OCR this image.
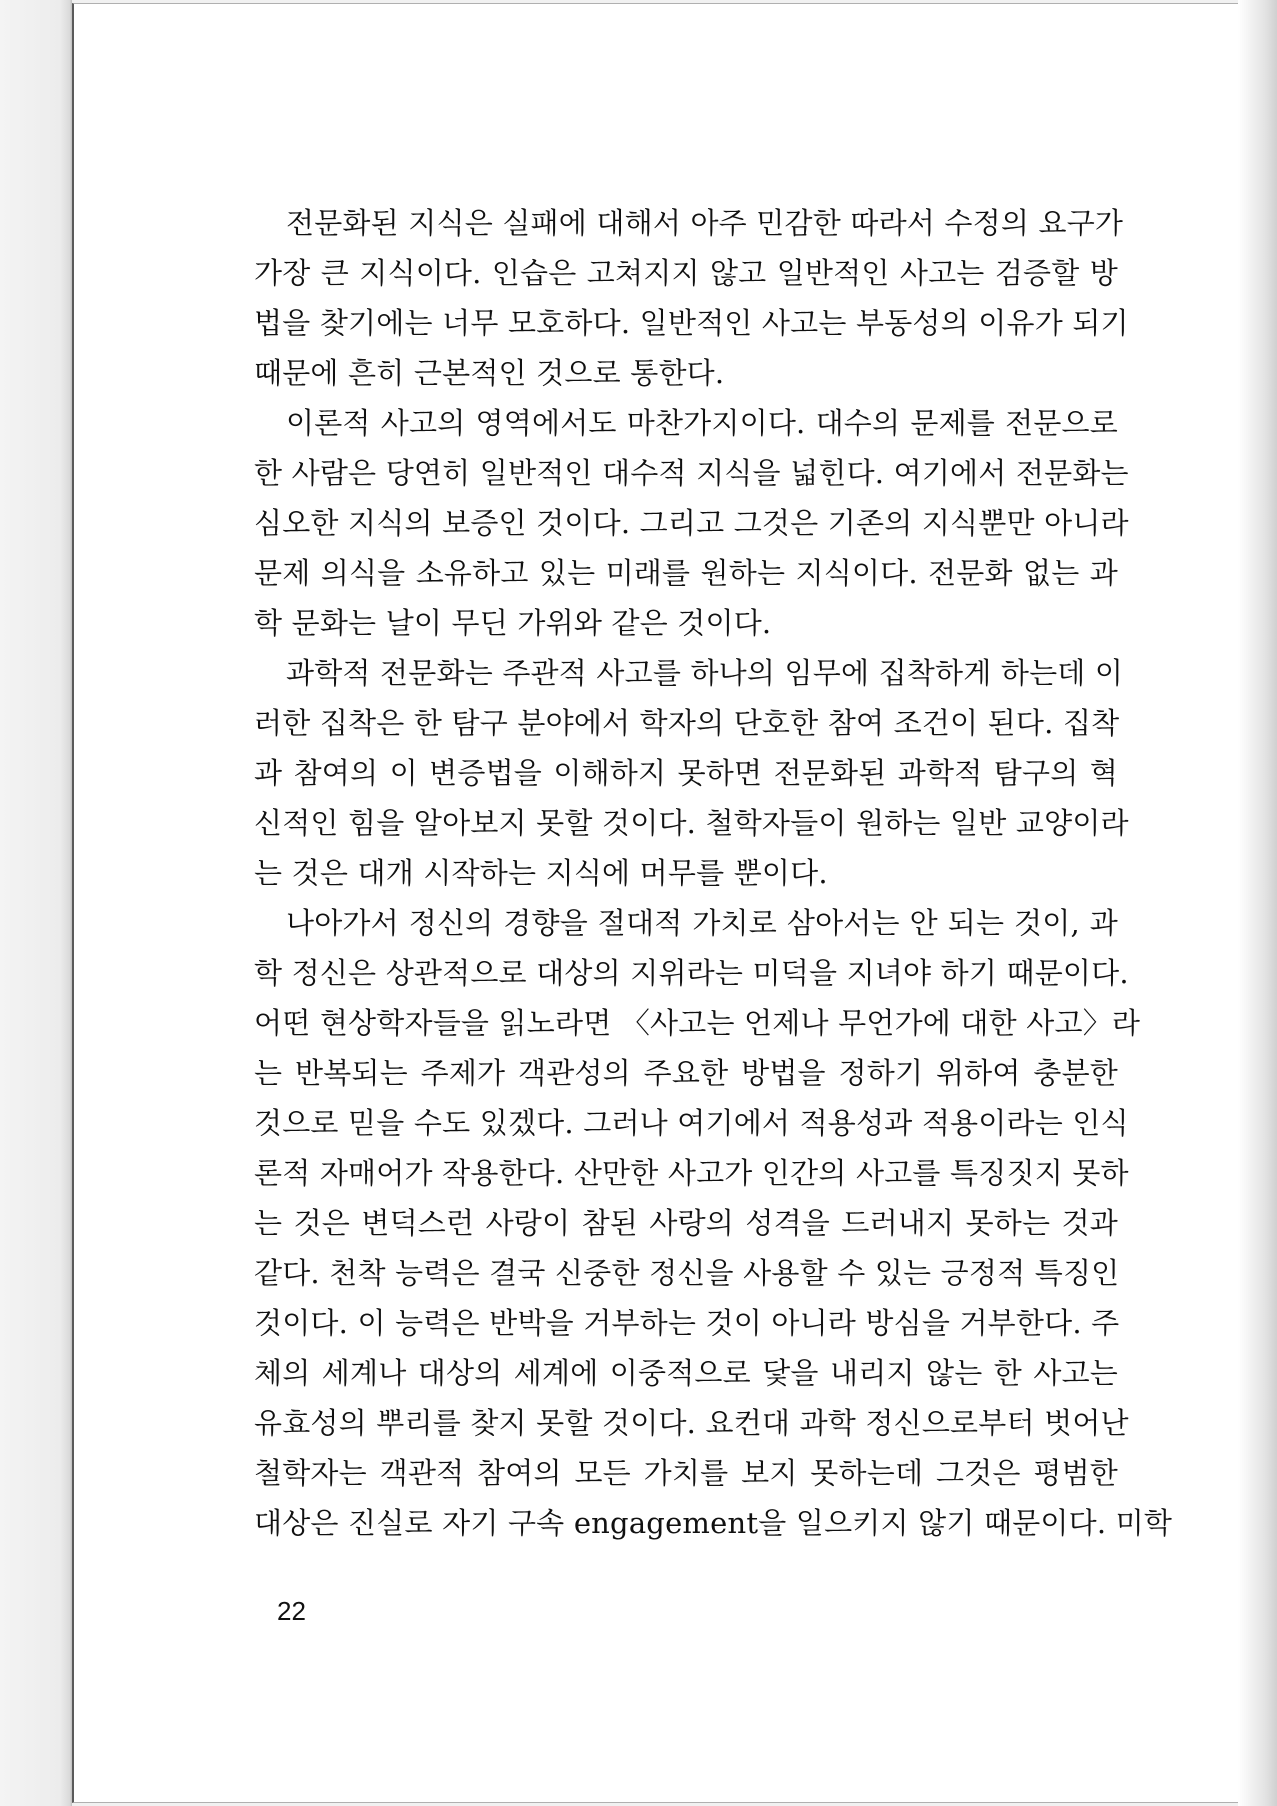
전문화된 지식은 실패에 대해서 아주 민감한 따라서 수정의 요구가
가장 큰 지식이다. 인습은 고쳐지지 않고 일반적인 사고는 검증할 방
법을 찾기에는 너무 모호하다. 일반적인 사고는 부동성의 이유가 되기
때문에 흔히 근본적인 것으로 통한다.
이론적 사고의 영역에서도 마찬가지이다. 대수의 문제를 전문으로
한 사람은 당연히 일반적인 대수적 지식을 넓힌다. 여기에서 전문화는
심오한 지식의 보증인 것이다. 그리고 그것은 기존의 지식뿐만 아니라
문제 의식을 소유하고 있는 미래를 원하는 지식이다. 전문화 없는 과
학 문화는 날이 무딘 가위와 같은 것이다.
과학적 전문화는 주관적 사고를 하나의 임무에 집착하게 하는데 이
러한 집착은 한 탐구 분야에서 학자의 단호한 참여 조건이 된다. 집착
과 참여의 이 변증법을 이해하지 못하면 전문화된 과학적 탐구의 혁
신적인 힘을 알아보지 못할 것이다. 철학자들이 원하는 일반 교양이라
는 것은 대개 시작하는 지식에 머무를 뿐이다.
나아가서 정신의 경향을 절대적 가치로 삼아서는 안 되는 것이, 과
학 정신은 상관적으로 대상의 지위라는 미덕을 지녀야 하기 때문이다.
어떤 현상학자들을 읽노라면 〈사고는 언제나 무언가에 대한 사고〉라
는 반복되는 주제가 객관성의 주요한 방법을 정하기 위하여 충분한
것으로 믿을 수도 있겠다. 그러나 여기에서 적용성과 적용이라는 인식
론적 자매어가 작용한다. 산만한 사고가 인간의 사고를 특징짓지 못하
는 것은 변덕스런 사랑이 참된 사랑의 성격을 드러내지 못하는 것과
같다. 천착 능력은 결국 신중한 정신을 사용할 수 있는 긍정적 특징인
것이다. 이 능력은 반박을 거부하는 것이 아니라 방심을 거부한다. 주
체의 세계나 대상의 세계에 이중적으로 닻을 내리지 않는 한 사고는
유효성의 뿌리를 찾지 못할 것이다. 요컨대 과학 정신으로부터 벗어난
철학자는 객관적 참여의 모든 가치를 보지 못하는데 그것은 평범한
대상은 진실로 자기 구속 engagement을 일으키지 않기 때문이다. 미학
22
